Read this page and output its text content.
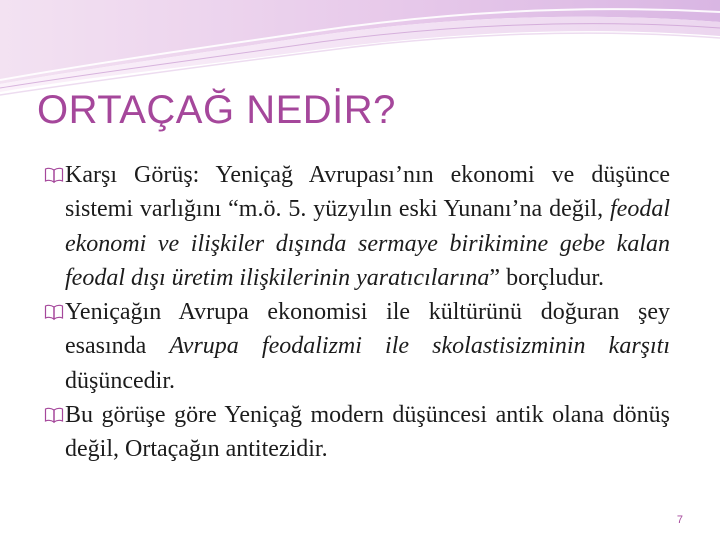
ORTAÇAĞ NEDİR?

Karşı Görüş: Yeniçağ Avrupası’nın ekonomi ve düşünce sistemi varlığını “m.ö. 5. yüzyılın eski Yunanı’na değil, feodal ekonomi ve ilişkiler dışında sermaye birikimine gebe kalan feodal dışı üretim ilişkilerinin yaratıcılarına” borçludur.

Yeniçağın Avrupa ekonomisi ile kültürünü doğuran şey esasında Avrupa feodalizmi ile skolastisizminin karşıtı düşüncedir.

Bu görüşe göre Yeniçağ modern düşüncesi antik olana dönüş değil, Ortaçağın antitezidir.

7
